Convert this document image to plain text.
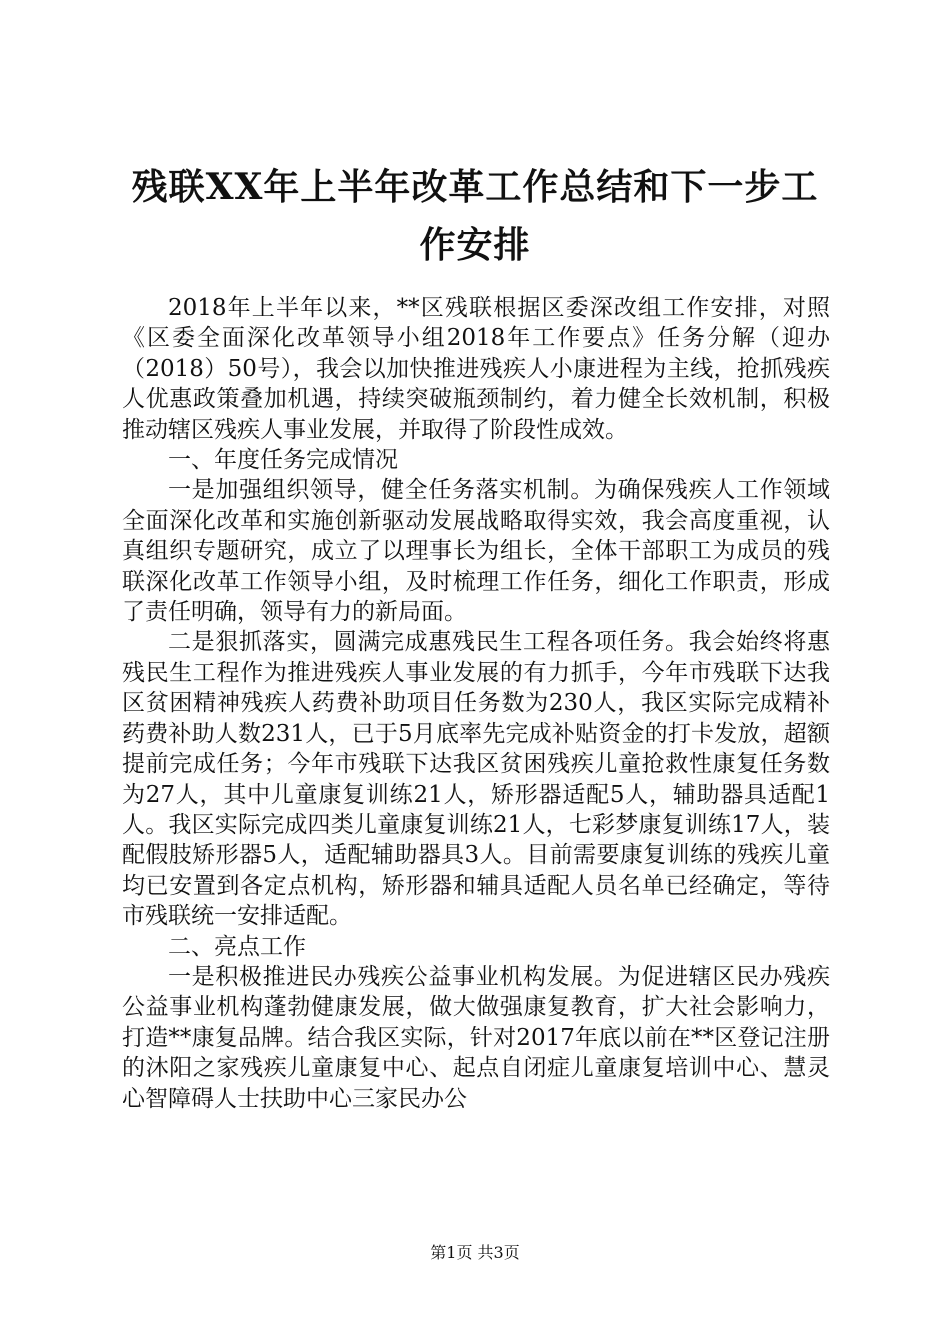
残联XX年上半年改革工作总结和下一步工作安排

2018年上半年以来，**区残联根据区委深改组工作安排，对照《区委全面深化改革领导小组2018年工作要点》任务分解（迎办（2018）50号），我会以加快推进残疾人小康进程为主线，抢抓残疾人优惠政策叠加机遇，持续突破瓶颈制约，着力健全长效机制，积极推动辖区残疾人事业发展，并取得了阶段性成效。

一、年度任务完成情况

一是加强组织领导，健全任务落实机制。为确保残疾人工作领域全面深化改革和实施创新驱动发展战略取得实效，我会高度重视，认真组织专题研究，成立了以理事长为组长，全体干部职工为成员的残联深化改革工作领导小组，及时梳理工作任务，细化工作职责，形成了责任明确，领导有力的新局面。

二是狠抓落实，圆满完成惠残民生工程各项任务。我会始终将惠残民生工程作为推进残疾人事业发展的有力抓手，今年市残联下达我区贫困精神残疾人药费补助项目任务数为230人，我区实际完成精补药费补助人数231人，已于5月底率先完成补贴资金的打卡发放，超额提前完成任务；今年市残联下达我区贫困残疾儿童抢救性康复任务数为27人，其中儿童康复训练21人，矫形器适配5人，辅助器具适配1人。我区实际完成四类儿童康复训练21人，七彩梦康复训练17人，装配假肢矫形器5人，适配辅助器具3人。目前需要康复训练的残疾儿童均已安置到各定点机构，矫形器和辅具适配人员名单已经确定，等待市残联统一安排适配。

二、亮点工作

一是积极推进民办残疾公益事业机构发展。为促进辖区民办残疾公益事业机构蓬勃健康发展，做大做强康复教育，扩大社会影响力，打造**康复品牌。结合我区实际，针对2017年底以前在**区登记注册的沐阳之家残疾儿童康复中心、起点自闭症儿童康复培训中心、慧灵心智障碍人士扶助中心三家民办公

第1页 共3页
